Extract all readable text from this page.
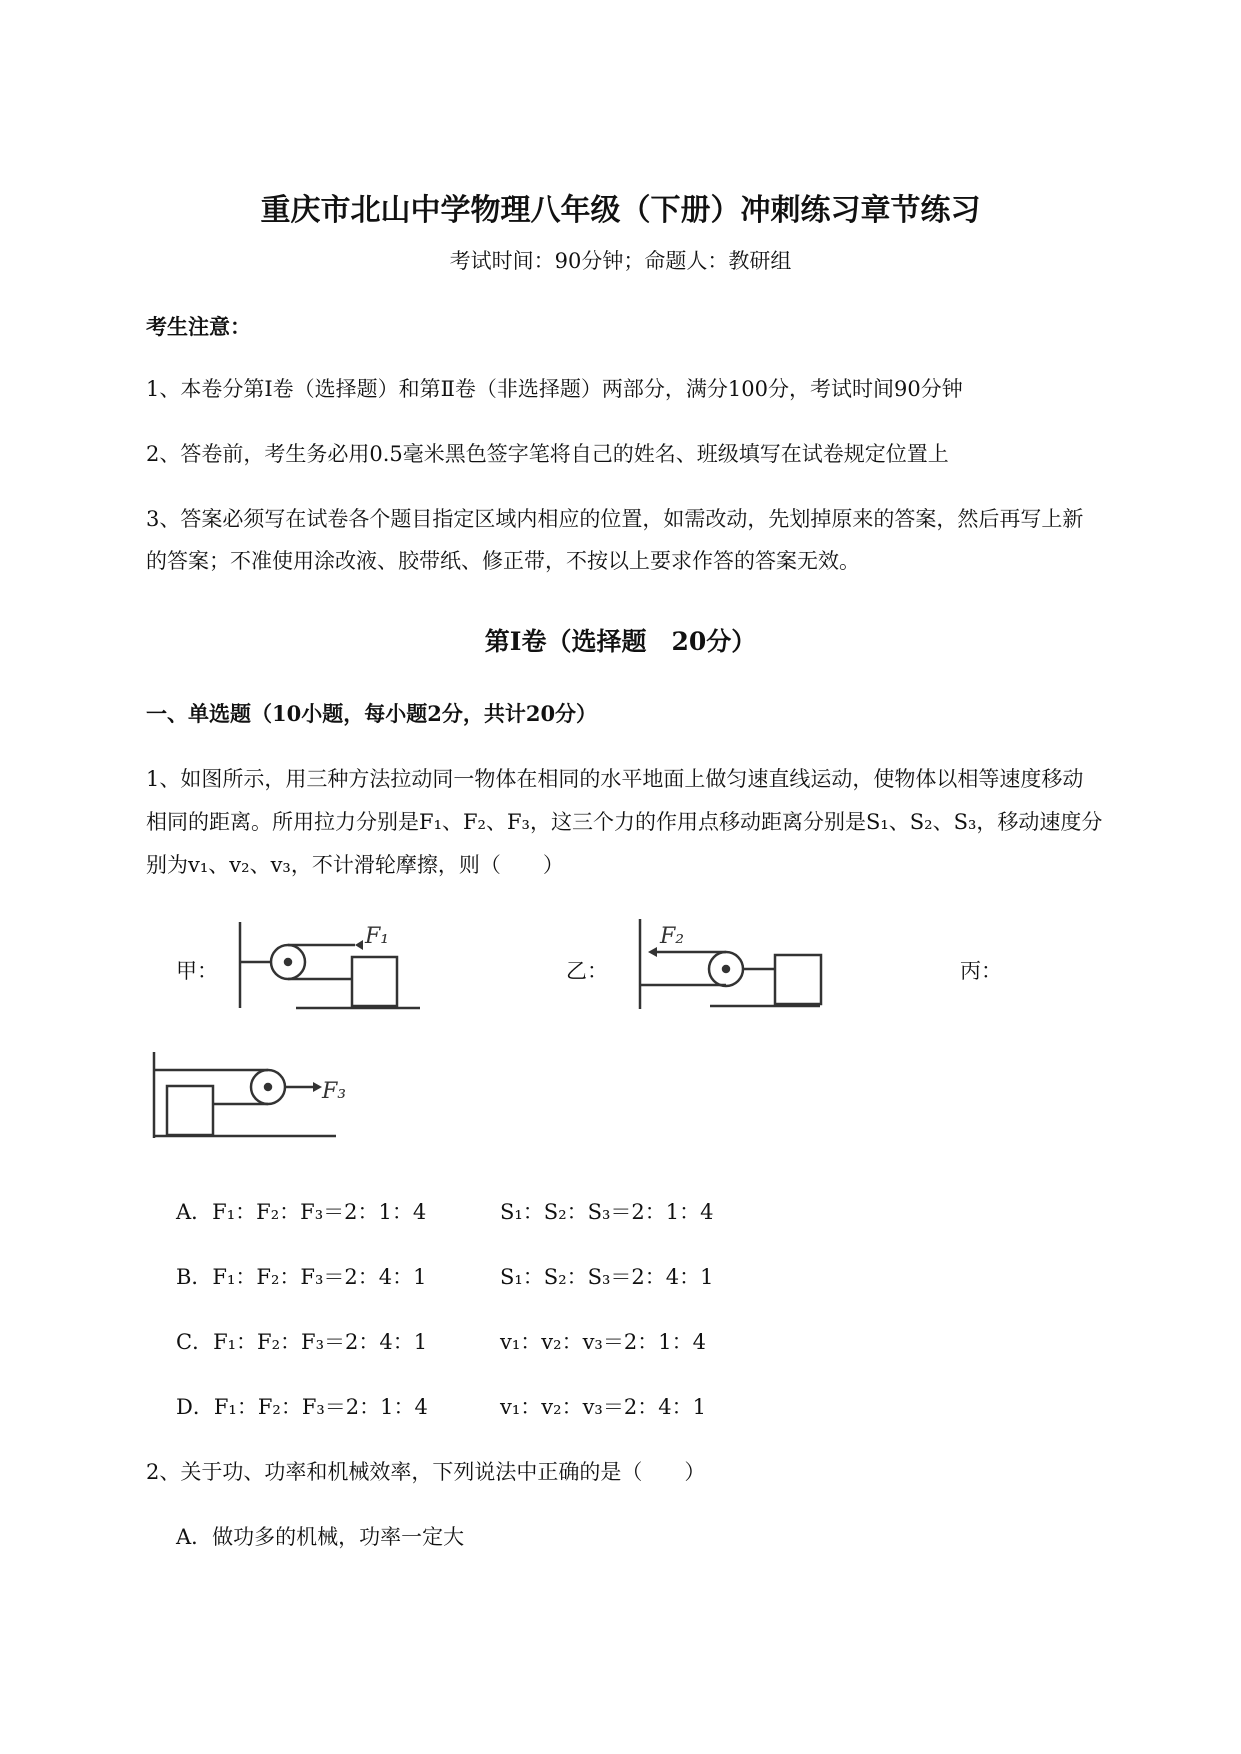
重庆市北山中学物理八年级（下册）冲刺练习章节练习
考试时间：90分钟；命题人：教研组
考生注意：
1、本卷分第I卷（选择题）和第Ⅱ卷（非选择题）两部分，满分100分，考试时间90分钟
2、答卷前，考生务必用0.5毫米黑色签字笔将自己的姓名、班级填写在试卷规定位置上
3、答案必须写在试卷各个题目指定区域内相应的位置，如需改动，先划掉原来的答案，然后再写上新
的答案；不准使用涂改液、胶带纸、修正带，不按以上要求作答的答案无效。
第I卷（选择题　20分）
一、单选题（10小题，每小题2分，共计20分）
1、如图所示，用三种方法拉动同一物体在相同的水平地面上做匀速直线运动，使物体以相等速度移动
相同的距离。所用拉力分别是F₁、F₂、F₃，这三个力的作用点移动距离分别是S₁、S₂、S₃，移动速度分
别为v₁、v₂、v₃，不计滑轮摩擦，则（　　）
甲：	乙：	丙：
F₁	F₂
F₃
A．F₁：F₂：F₃＝2：1：4	S₁：S₂：S₃＝2：1：4
B．F₁：F₂：F₃＝2：4：1	S₁：S₂：S₃＝2：4：1
C．F₁：F₂：F₃＝2：4：1	v₁：v₂：v₃＝2：1：4
D．F₁：F₂：F₃＝2：1：4	v₁：v₂：v₃＝2：4：1
2、关于功、功率和机械效率，下列说法中正确的是（　　）
A．做功多的机械，功率一定大
